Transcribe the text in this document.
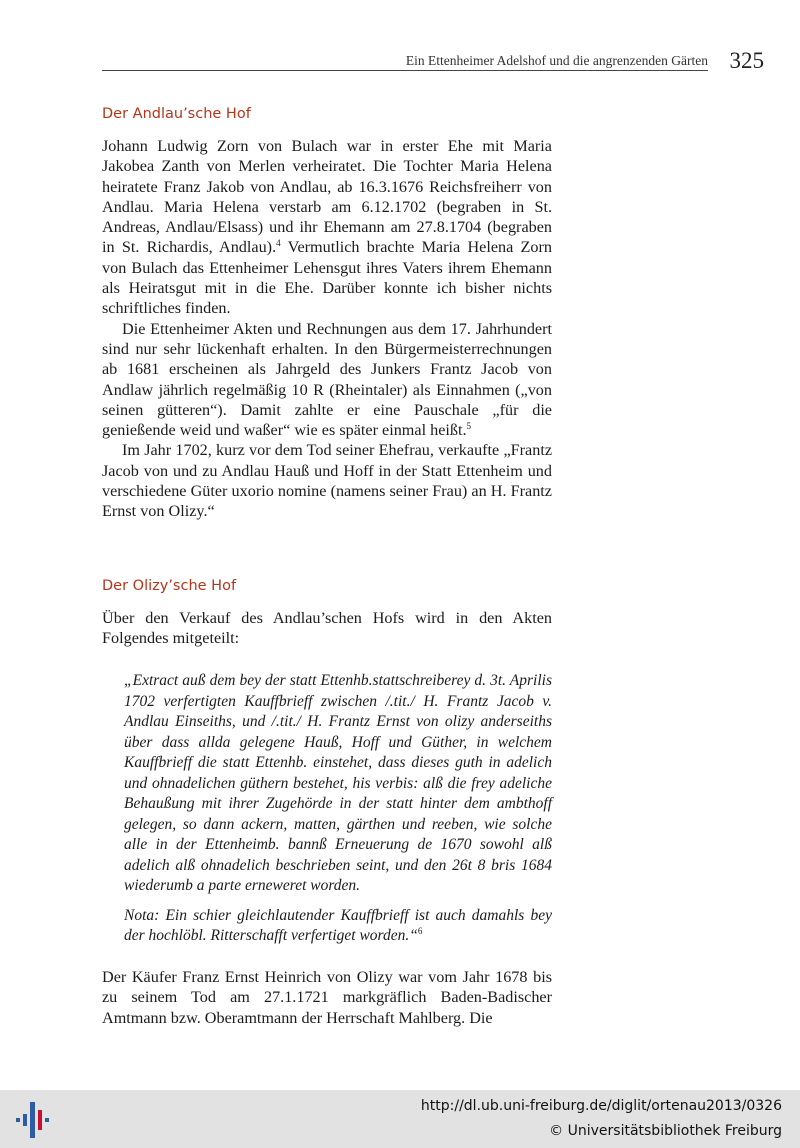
Ein Ettenheimer Adelshof und die angrenzenden Gärten 325
Der Andlau’sche Hof

Johann Ludwig Zorn von Bulach war in erster Ehe mit Maria Jakobea Zanth von Merlen verheiratet. Die Tochter Maria Helena heiratete Franz Jakob von Andlau, ab 16.3.1676 Reichsfreiherr von Andlau. Maria Helena verstarb am 6.12.1702 (begraben in St. Andreas, Andlau/Elsass) und ihr Ehemann am 27.8.1704 (begraben in St. Richardis, Andlau).$^4$ Vermutlich brachte Maria Helena Zorn von Bulach das Ettenheimer Lehensgut ihres Vaters ihrem Ehemann als Heiratsgut mit in die Ehe. Darüber konnte ich bisher nichts schriftliches finden.

Die Ettenheimer Akten und Rechnungen aus dem 17. Jahrhundert sind nur sehr lückenhaft erhalten. In den Bürgermeisterrechnungen ab 1681 erscheinen als Jahrgeld des Junkers Frantz Jacob von Andlaw jährlich regelmäßig 10 R (Rheintaler) als Einnahmen („von seinen gütteren“). Damit zahlte er eine Pauschale „für die genießende weid und waßer“ wie es später einmal heißt.$^5$

Im Jahr 1702, kurz vor dem Tod seiner Ehefrau, verkaufte „Frantz Jacob von und zu Andlau Hauß und Hoff in der Statt Ettenheim und verschiedene Güter uxorio nomine (namens seiner Frau) an H. Frantz Ernst von Olizy.“

Der Olizy’sche Hof

Über den Verkauf des Andlau’schen Hofs wird in den Akten Folgendes mitgeteilt:

„Extract auß dem bey der statt Ettenhb.stattschreiberey d. 3t. Aprilis 1702 verfertigten Kauffbrieff zwischen /.tit./ H. Frantz Jacob v. Andlau Einseiths, und /.tit./ H. Frantz Ernst von olizy anderseiths über dass allda gelegene Hauß, Hoff und Güther, in welchem Kauffbrieff die statt Ettenhb. einstehet, dass dieses guth in adelich und ohnadelichen güthern bestehet, his verbis: alß die frey adeliche Behaußung mit ihrer Zugehörde in der statt hinter dem ambthoff gelegen, so dann ackern, matten, gärthen und reeben, wie solche alle in der Ettenheimb. bannß Erneuerung de 1670 sowohl alß adelich alß ohnadelich beschrieben seint, und den 26t 8 bris 1684 wiederumb a parte erneweret worden.

Nota: Ein schier gleichlautender Kauffbrieff ist auch damahls bey der hochlöbl. Ritterschafft verfertiget worden.“$^6$

Der Käufer Franz Ernst Heinrich von Olizy war vom Jahr 1678 bis zu seinem Tod am 27.1.1721 markgräflich Baden-Badischer Amtmann bzw. Oberamtmann der Herrschaft Mahlberg. Die

http://dl.ub.uni-freiburg.de/diglit/ortenau2013/0326
© Universitätsbibliothek Freiburg
